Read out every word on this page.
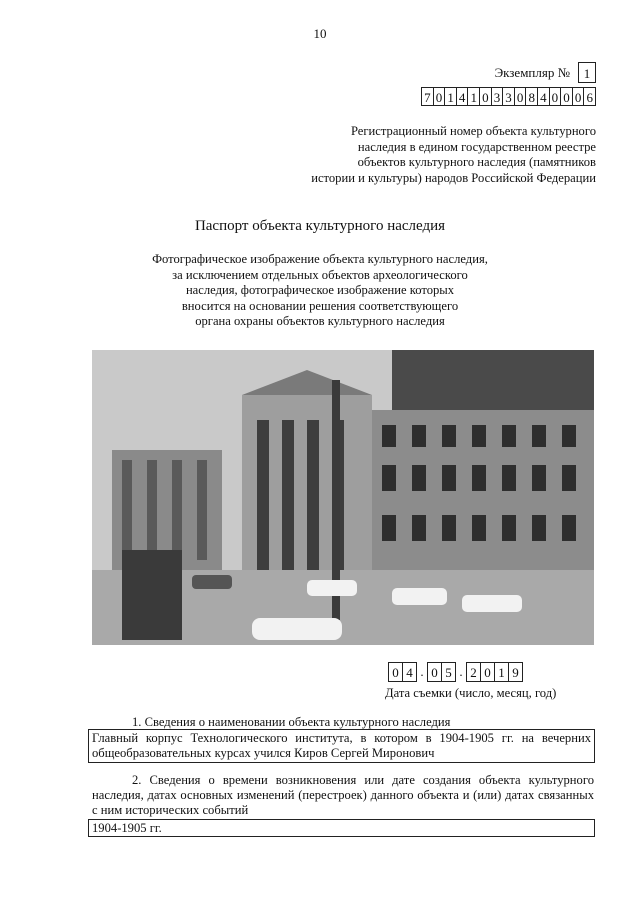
10
Экземпляр №	1
7 0 1 4 1 0 3 3 0 8 4 0 0 0 6
Регистрационный номер объекта культурного
наследия в едином государственном реестре
объектов культурного наследия (памятников
истории и культуры) народов Российской Федерации
Паспорт объекта культурного наследия
Фотографическое изображение объекта культурного наследия,
за исключением отдельных объектов археологического
наследия, фотографическое изображение которых
вносится на основании решения соответствующего
органа охраны объектов культурного наследия
0 4 . 0 5 . 2 0 1 9
Дата съемки (число, месяц, год)
1. Сведения о наименовании объекта культурного наследия
Главный корпус Технологического института, в котором в 1904-1905 гг. на вечерних общеобразовательных курсах учился Киров Сергей Миронович
2. Сведения о времени возникновения или дате создания объекта культурного наследия, датах основных изменений (перестроек) данного объекта и (или) датах связанных с ним исторических событий
1904-1905 гг.
